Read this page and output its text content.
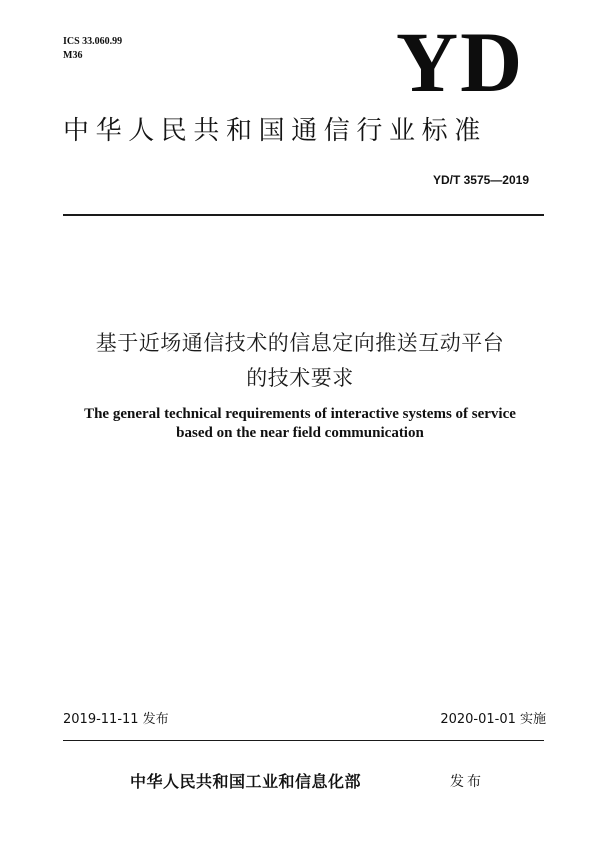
ICS 33.060.99
M36	YD
中华人民共和国通信行业标准
YD/T 3575—2019
基于近场通信技术的信息定向推送互动平台
的技术要求
The general technical requirements of interactive systems of service
based on the near field communication
2019-11-11 发布	2020-01-01 实施
中华人民共和国工业和信息化部	发布
